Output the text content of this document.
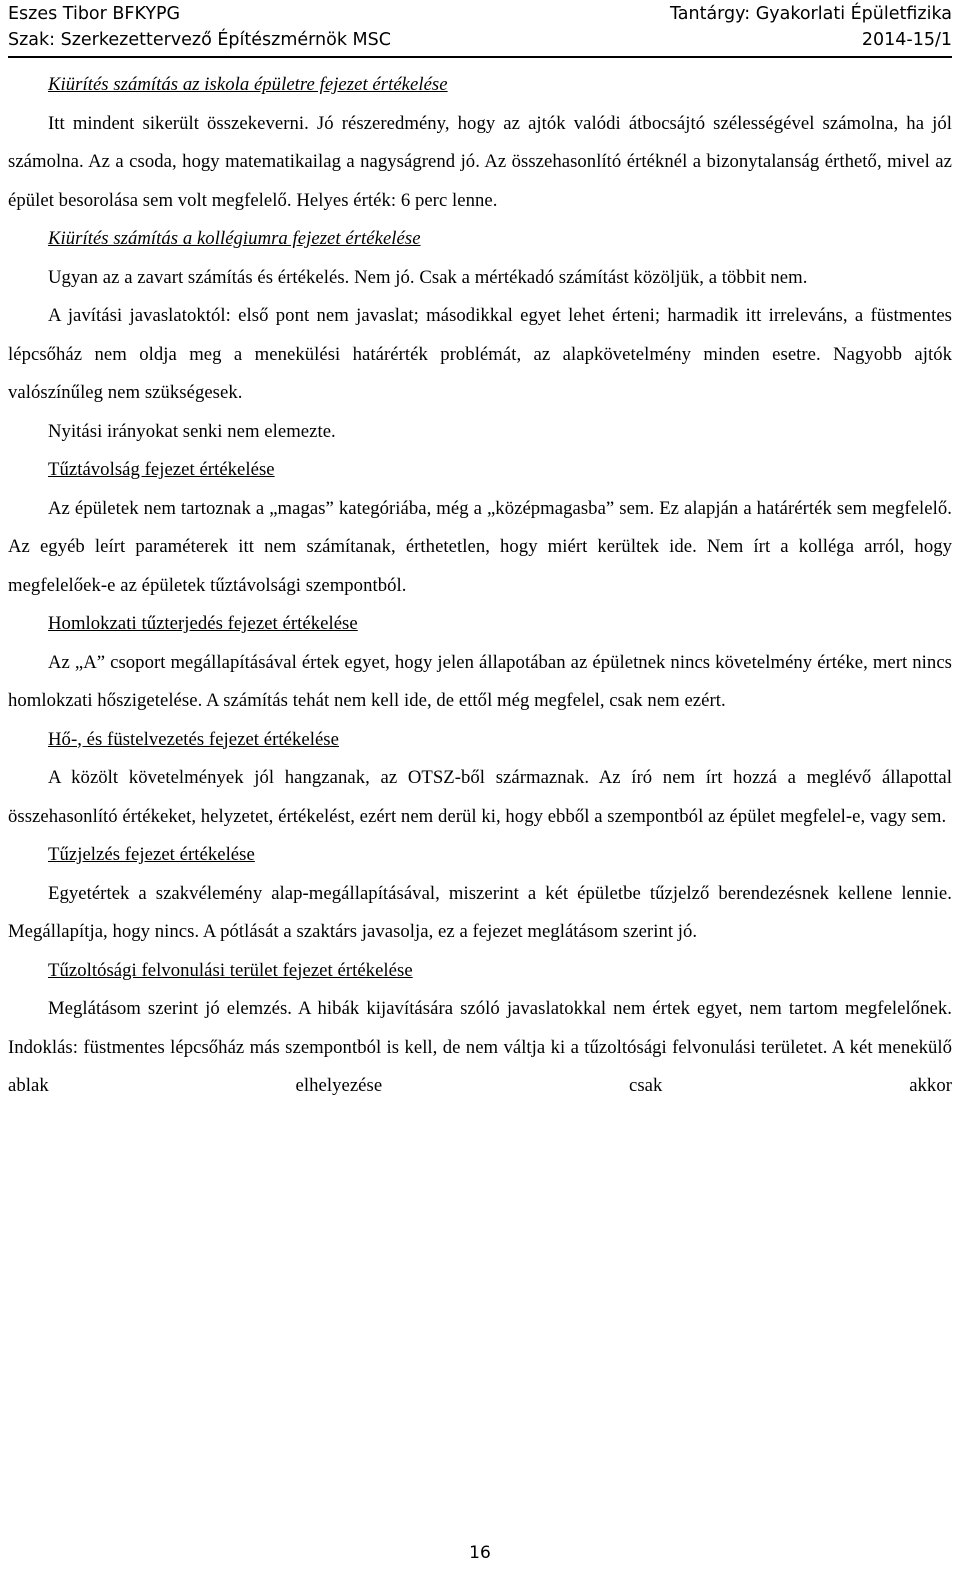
Eszes Tibor BFKYPG	Tantárgy: Gyakorlati Épületfizika
Szak: Szerkezettervező Építészmérnök MSC	2014-15/1

Kiürítés számítás az iskola épületre fejezet értékelése

Itt mindent sikerült összekeverni. Jó részeredmény, hogy az ajtók valódi átbocsájtó szélességével számolna, ha jól számolna. Az a csoda, hogy matematikailag a nagyságrend jó. Az összehasonlító értéknél a bizonytalanság érthető, mivel az épület besorolása sem volt megfelelő. Helyes érték: 6 perc lenne.

Kiürítés számítás a kollégiumra fejezet értékelése

Ugyan az a zavart számítás és értékelés. Nem jó. Csak a mértékadó számítást közöljük, a többit nem.

A javítási javaslatoktól: első pont nem javaslat; másodikkal egyet lehet érteni; harmadik itt irreleváns, a füstmentes lépcsőház nem oldja meg a menekülési határérték problémát, az alapkövetelmény minden esetre. Nagyobb ajtók valószínűleg nem szükségesek.

Nyitási irányokat senki nem elemezte.

Tűztávolság fejezet értékelése

Az épületek nem tartoznak a „magas” kategóriába, még a „középmagasba” sem. Ez alapján a határérték sem megfelelő. Az egyéb leírt paraméterek itt nem számítanak, érthetetlen, hogy miért kerültek ide. Nem írt a kolléga arról, hogy megfelelőek-e az épületek tűztávolsági szempontból.

Homlokzati tűzterjedés fejezet értékelése

Az „A” csoport megállapításával értek egyet, hogy jelen állapotában az épületnek nincs követelmény értéke, mert nincs homlokzati hőszigetelése. A számítás tehát nem kell ide, de ettől még megfelel, csak nem ezért.

Hő-, és füstelvezetés fejezet értékelése

A közölt követelmények jól hangzanak, az OTSZ-ből származnak. Az író nem írt hozzá a meglévő állapottal összehasonlító értékeket, helyzetet, értékelést, ezért nem derül ki, hogy ebből a szempontból az épület megfelel-e, vagy sem.

Tűzjelzés fejezet értékelése

Egyetértek a szakvélemény alap-megállapításával, miszerint a két épületbe tűzjelző berendezésnek kellene lennie. Megállapítja, hogy nincs. A pótlását a szaktárs javasolja, ez a fejezet meglátásom szerint jó.

Tűzoltósági felvonulási terület fejezet értékelése

Meglátásom szerint jó elemzés. A hibák kijavítására szóló javaslatokkal nem értek egyet, nem tartom megfelelőnek. Indoklás: füstmentes lépcsőház más szempontból is kell, de nem váltja ki a tűzoltósági felvonulási területet. A két menekülő ablak elhelyezése csak akkor

16
